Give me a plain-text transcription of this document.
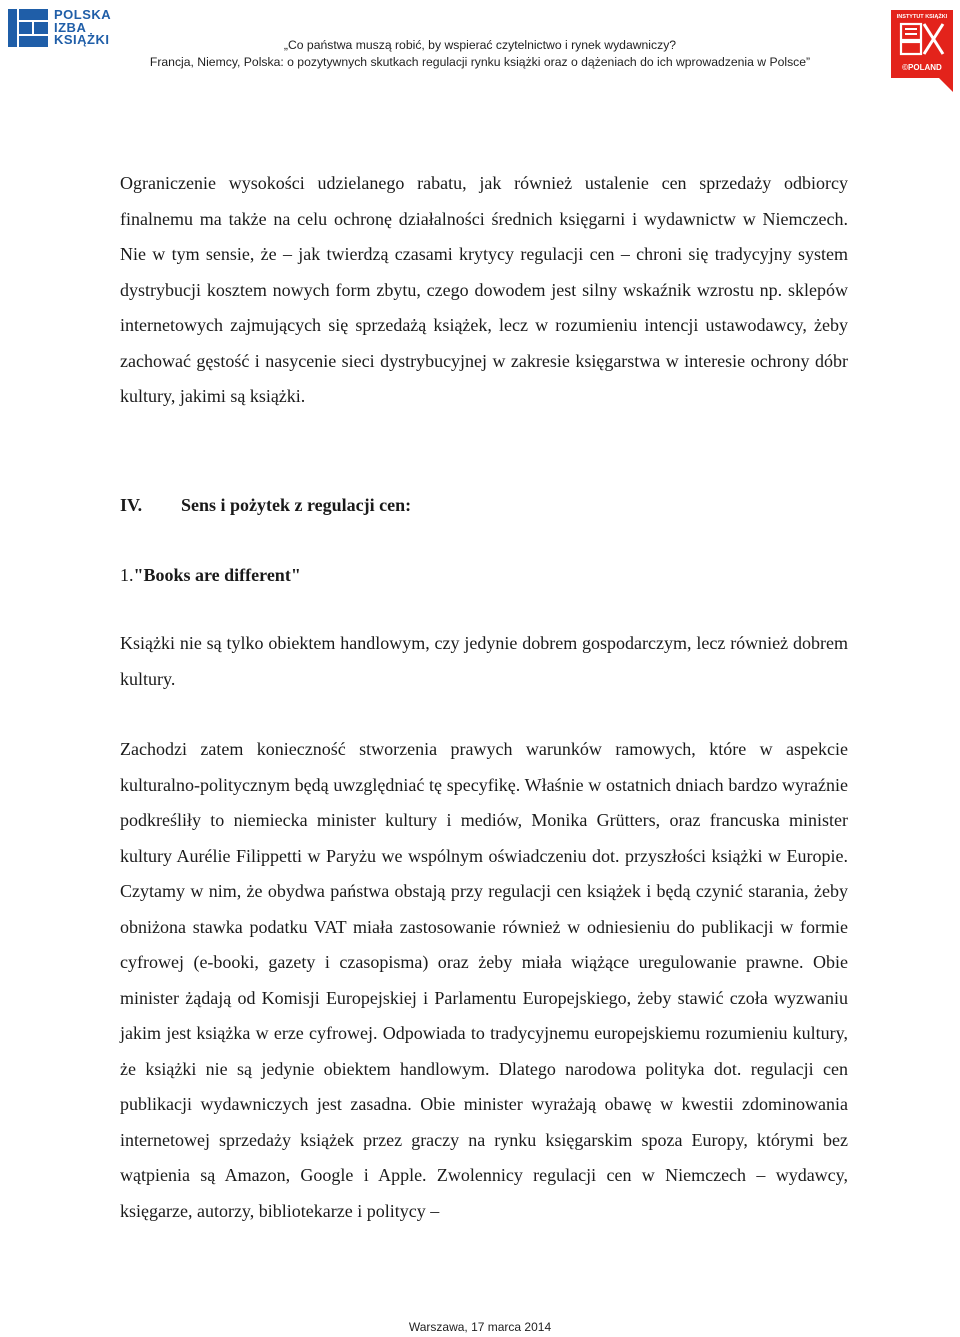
POLSKA
IZBA
KSIĄŻKI	„Co państwa muszą robić, by wspierać czytelnictwo i rynek wydawniczy?
Francja, Niemcy, Polska: o pozytywnych skutkach regulacji rynku książki oraz o dążeniach do ich wprowadzenia w Polsce”
INSTYTUT KSIĄŻKI
©POLAND

Ograniczenie wysokości udzielanego rabatu, jak również ustalenie cen sprzedaży odbiorcy finalnemu ma także na celu ochronę działalności średnich księgarni i wydawnictw w Niemczech. Nie w tym sensie, że – jak twierdzą czasami krytycy regulacji cen – chroni się tradycyjny system dystrybucji kosztem nowych form zbytu, czego dowodem jest silny wskaźnik wzrostu np. sklepów internetowych zajmujących się sprzedażą książek, lecz w rozumieniu intencji ustawodawcy, żeby zachować gęstość i nasycenie sieci dystrybucyjnej w zakresie księgarstwa w interesie ochrony dóbr kultury, jakimi są książki.

IV. Sens i pożytek z regulacji cen:

1."Books are different"

Książki nie są tylko obiektem handlowym, czy jedynie dobrem gospodarczym, lecz również dobrem kultury.

Zachodzi zatem konieczność stworzenia prawych warunków ramowych, które w aspekcie kulturalno-politycznym będą uwzględniać tę specyfikę. Właśnie w ostatnich dniach bardzo wyraźnie podkreśliły to niemiecka minister kultury i mediów, Monika Grütters, oraz francuska minister kultury Aurélie Filippetti w Paryżu we wspólnym oświadczeniu dot. przyszłości książki w Europie. Czytamy w nim, że obydwa państwa obstają przy regulacji cen książek i będą czynić starania, żeby obniżona stawka podatku VAT miała zastosowanie również w odniesieniu do publikacji w formie cyfrowej (e-booki, gazety i czasopisma) oraz żeby miała wiążące uregulowanie prawne. Obie minister żądają od Komisji Europejskiej i Parlamentu Europejskiego, żeby stawić czoła wyzwaniu jakim jest książka w erze cyfrowej. Odpowiada to tradycyjnemu europejskiemu rozumieniu kultury, że książki nie są jedynie obiektem handlowym. Dlatego narodowa polityka dot. regulacji cen publikacji wydawniczych jest zasadna. Obie minister wyrażają obawę w kwestii zdominowania internetowej sprzedaży książek przez graczy na rynku księgarskim spoza Europy, którymi bez wątpienia są Amazon, Google i Apple. Zwolennicy regulacji cen w Niemczech – wydawcy, księgarze, autorzy, bibliotekarze i politycy –

Warszawa, 17 marca 2014
